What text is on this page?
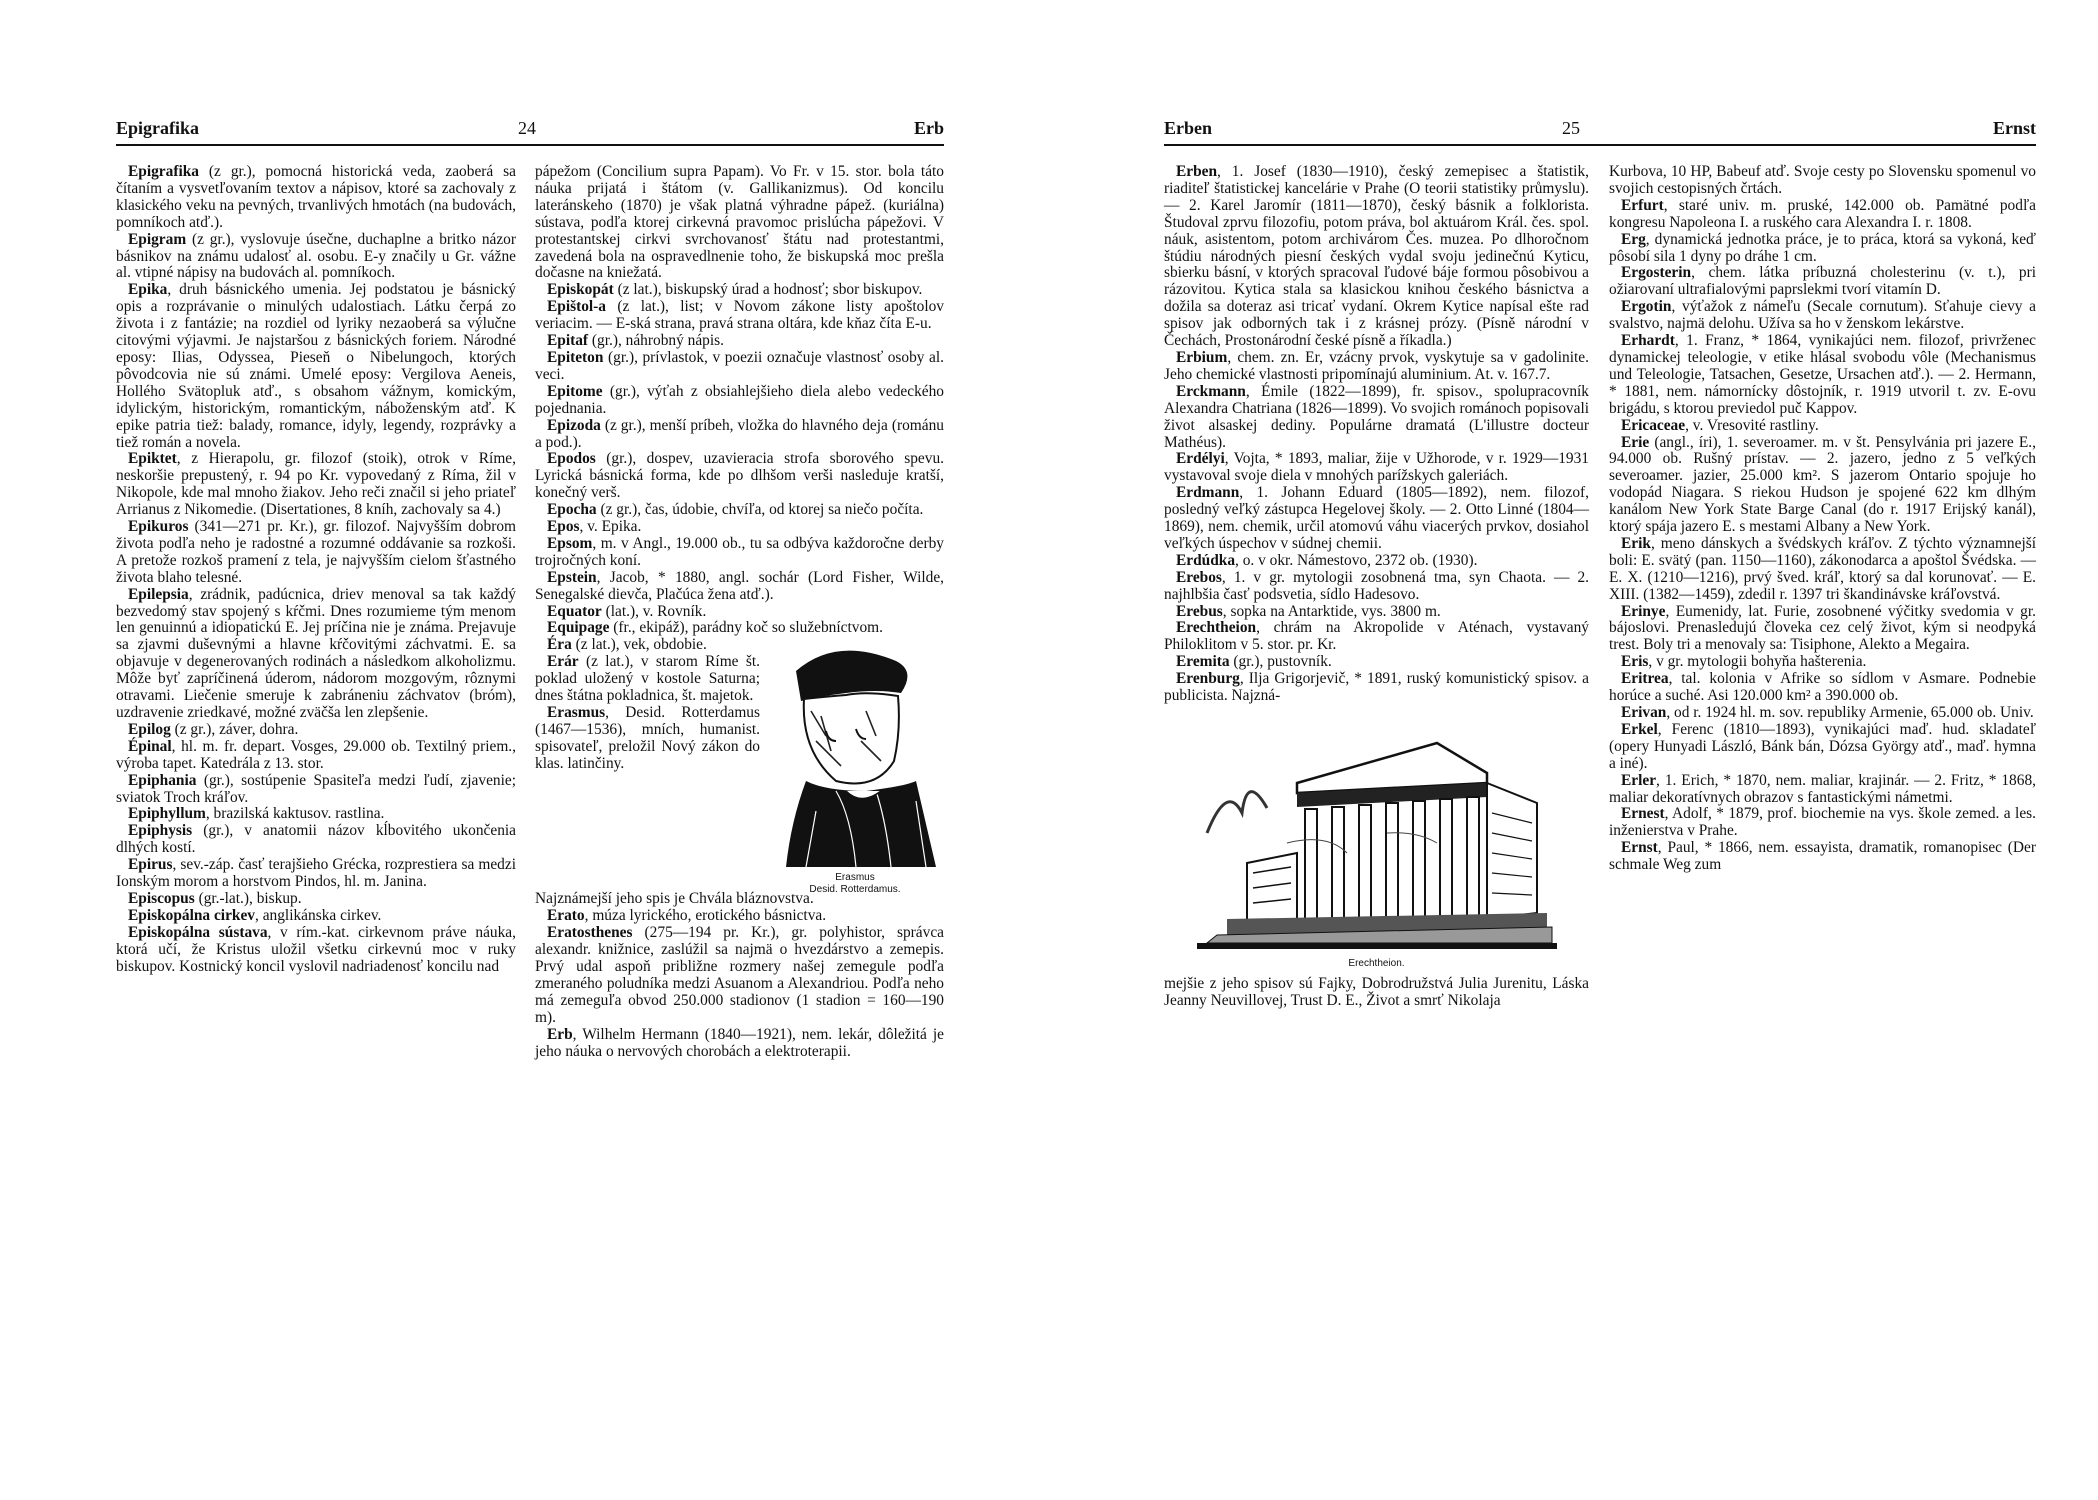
Epigrafika	24	Erb

Epigrafika (z gr.), pomocná historická veda, zaoberá sa čítaním a vysvetľovaním textov a nápisov, ktoré sa zachovaly z klasického veku na pevných, trvanlivých hmotách (na budovách, pomníkoch atď.).

Epigram (z gr.), vyslovuje úsečne, duchaplne a britko názor básnikov na známu udalosť al. osobu. E-y značily u Gr. vážne al. vtipné nápisy na budovách al. pomníkoch.

Epika, druh básnického umenia. Jej podstatou je básnický opis a rozprávanie o minulých udalostiach. Látku čerpá zo života i z fantázie; na rozdiel od lyriky nezaoberá sa výlučne citovými výjavmi. Je najstaršou z básnických foriem. Národné eposy: Ilias, Odyssea, Pieseň o Nibelungoch, ktorých pôvodcovia nie sú známi. Umelé eposy: Vergilova Aeneis, Hollého Svätopluk atď., s obsahom vážnym, komickým, idylickým, historickým, romantickým, náboženským atď. K epike patria tiež: balady, romance, idyly, legendy, rozprávky a tiež román a novela.

Epiktet, z Hierapolu, gr. filozof (stoik), otrok v Ríme, neskoršie prepustený, r. 94 po Kr. vypovedaný z Ríma, žil v Nikopole, kde mal mnoho žiakov. Jeho reči značil si jeho priateľ Arrianus z Nikomedie. (Disertationes, 8 kníh, zachovaly sa 4.)

Epikuros (341—271 pr. Kr.), gr. filozof. Najvyšším dobrom života podľa neho je radostné a rozumné oddávanie sa rozkoši. A pretože rozkoš pramení z tela, je najvyšším cielom šťastného života blaho telesné.

Epilepsia, zrádnik, padúcnica, driev menoval sa tak každý bezvedomý stav spojený s kŕčmi. Dnes rozumieme tým menom len genuinnú a idiopatickú E. Jej príčina nie je známa. Prejavuje sa zjavmi duševnými a hlavne kŕčovitými záchvatmi. E. sa objavuje v degenerovaných rodinách a následkom alkoholizmu. Môže byť zapríčinená úderom, nádorom mozgovým, rôznymi otravami. Liečenie smeruje k zabráneniu záchvatov (bróm), uzdravenie zriedkavé, možné zväčša len zlepšenie.

Epilog (z gr.), záver, dohra.

Épinal, hl. m. fr. depart. Vosges, 29.000 ob. Textilný priem., výroba tapet. Katedrála z 13. stor.

Epiphania (gr.), sostúpenie Spasiteľa medzi ľudí, zjavenie; sviatok Troch kráľov.

Epiphyllum, brazilská kaktusov. rastlina.

Epiphysis (gr.), v anatomii názov kĺbovitého ukončenia dlhých kostí.

Epirus, sev.-záp. časť terajšieho Grécka, rozprestiera sa medzi Ionským morom a horstvom Pindos, hl. m. Janina.

Episcopus (gr.-lat.), biskup.

Episkopálna cirkev, anglikánska cirkev.

Episkopálna sústava, v rím.-kat. cirkevnom práve náuka, ktorá učí, že Kristus uložil všetku cirkevnú moc v ruky biskupov. Kostnický koncil vyslovil nadriadenosť koncilu nad

pápežom (Concilium supra Papam). Vo Fr. v 15. stor. bola táto náuka prijatá i štátom (v. Gallikanizmus). Od koncilu lateránskeho (1870) je však platná výhradne pápež. (kuriálna) sústava, podľa ktorej cirkevná pravomoc prislúcha pápežovi. V protestantskej cirkvi svrchovanosť štátu nad protestantmi, zavedená bola na ospravedlnenie toho, že biskupská moc prešla dočasne na kniežatá.

Episkopát (z lat.), biskupský úrad a hodnosť; sbor biskupov.

Epištol-a (z lat.), list; v Novom zákone listy apoštolov veriacim. — E-ská strana, pravá strana oltára, kde kňaz číta E-u.

Epitaf (gr.), náhrobný nápis.

Epiteton (gr.), prívlastok, v poezii označuje vlastnosť osoby al. veci.

Epitome (gr.), výťah z obsiahlejšieho diela alebo vedeckého pojednania.

Epizoda (z gr.), menší príbeh, vložka do hlavného deja (románu a pod.).

Epodos (gr.), dospev, uzavieracia strofa sborového spevu. Lyrická básnická forma, kde po dlhšom verši nasleduje kratší, konečný verš.

Epocha (z gr.), čas, údobie, chvíľa, od ktorej sa niečo počíta.

Epos, v. Epika.

Epsom, m. v Angl., 19.000 ob., tu sa odbýva každoročne derby trojročných koní.

Epstein, Jacob, * 1880, angl. sochár (Lord Fisher, Wilde, Senegalské dievča, Plačúca žena atď.).

Equator (lat.), v. Rovník.

Equipage (fr., ekipáž), parádny koč so služebníctvom.

Erasmus
Desid. Rotterdamus.

Éra (z lat.), vek, obdobie.

Erár (z lat.), v starom Ríme št. poklad uložený v kostole Saturna; dnes štátna pokladnica, št. majetok.

Erasmus, Desid. Rotterdamus (1467—1536), mních, humanist. spisovateľ, preložil Nový zákon do klas. latinčiny.

Najznámejší jeho spis je Chvála bláznovstva.

Erato, múza lyrického, erotického básnictva.

Eratosthenes (275—194 pr. Kr.), gr. polyhistor, správca alexandr. knižnice, zaslúžil sa najmä o hvezdárstvo a zemepis. Prvý udal aspoň približne rozmery našej zemegule podľa zmeraného poludníka medzi Asuanom a Alexandriou. Podľa neho má zemeguľa obvod 250.000 stadionov (1 stadion = 160—190 m).

Erb, Wilhelm Hermann (1840—1921), nem. lekár, dôležitá je jeho náuka o nervových chorobách a elektroterapii.

Erben	25	Ernst

Erben, 1. Josef (1830—1910), český zemepisec a štatistik, riaditeľ štatistickej kancelárie v Prahe (O teorii statistiky průmyslu). — 2. Karel Jaromír (1811—1870), český básnik a folklorista. Študoval zprvu filozofiu, potom práva, bol aktuárom Král. čes. spol. náuk, asistentom, potom archivárom Čes. muzea. Po dlhoročnom štúdiu národných piesní českých vydal svoju jedinečnú Kyticu, sbierku básní, v ktorých spracoval ľudové báje formou pôsobivou a rázovitou. Kytica stala sa klasickou knihou českého básnictva a dožila sa doteraz asi tricať vydaní. Okrem Kytice napísal ešte rad spisov jak odborných tak i z krásnej prózy. (Písně národní v Čechách, Prostonárodní české písně a říkadla.)

Erbium, chem. zn. Er, vzácny prvok, vyskytuje sa v gadolinite. Jeho chemické vlastnosti pripomínajú aluminium. At. v. 167.7.

Erckmann, Émile (1822—1899), fr. spisov., spolupracovník Alexandra Chatriana (1826—1899). Vo svojich románoch popisovali život alsaskej dediny. Populárne dramatá (L'illustre docteur Mathéus).

Erdélyi, Vojta, * 1893, maliar, žije v Užhorode, v r. 1929—1931 vystavoval svoje diela v mnohých parížskych galeriách.

Erdmann, 1. Johann Eduard (1805—1892), nem. filozof, posledný veľký zástupca Hegelovej školy. — 2. Otto Linné (1804—1869), nem. chemik, určil atomovú váhu viacerých prvkov, dosiahol veľkých úspechov v súdnej chemii.

Erdúdka, o. v okr. Námestovo, 2372 ob. (1930).

Erebos, 1. v gr. mytologii zosobnená tma, syn Chaota. — 2. najhlbšia časť podsvetia, sídlo Hadesovo.

Erebus, sopka na Antarktide, vys. 3800 m.

Erechtheion, chrám na Akropolide v Aténach, vystavaný Philoklitom v 5. stor. pr. Kr.

Eremita (gr.), pustovník.

Erenburg, Ilja Grigorjevič, * 1891, ruský komunistický spisov. a publicista. Najzná-

Erechtheion.

mejšie z jeho spisov sú Fajky, Dobrodružstvá Julia Jurenitu, Láska Jeanny Neuvillovej, Trust D. E., Život a smrť Nikolaja

Kurbova, 10 HP, Babeuf atď. Svoje cesty po Slovensku spomenul vo svojich cestopisných črtách.

Erfurt, staré univ. m. pruské, 142.000 ob. Pamätné podľa kongresu Napoleona I. a ruského cara Alexandra I. r. 1808.

Erg, dynamická jednotka práce, je to práca, ktorá sa vykoná, keď pôsobí sila 1 dyny po dráhe 1 cm.

Ergosterin, chem. látka príbuzná cholesterinu (v. t.), pri ožiarovaní ultrafialovými paprslekmi tvorí vitamín D.

Ergotin, výťažok z námeľu (Secale cornutum). Sťahuje cievy a svalstvo, najmä delohu. Užíva sa ho v ženskom lekárstve.

Erhardt, 1. Franz, * 1864, vynikajúci nem. filozof, privrženec dynamickej teleologie, v etike hlásal svobodu vôle (Mechanismus und Teleologie, Tatsachen, Gesetze, Ursachen atď.). — 2. Hermann, * 1881, nem. námornícky dôstojník, r. 1919 utvoril t. zv. E-ovu brigádu, s ktorou previedol puč Kappov.

Ericaceae, v. Vresovité rastliny.

Erie (angl., íri), 1. severoamer. m. v št. Pensylvánia pri jazere E., 94.000 ob. Rušný prístav. — 2. jazero, jedno z 5 veľkých severoamer. jazier, 25.000 km². S jazerom Ontario spojuje ho vodopád Niagara. S riekou Hudson je spojené 622 km dlhým kanálom New York State Barge Canal (do r. 1917 Erijský kanál), ktorý spája jazero E. s mestami Albany a New York.

Erik, meno dánskych a švédskych kráľov. Z týchto významnejší boli: E. svätý (pan. 1150—1160), zákonodarca a apoštol Švédska. — E. X. (1210—1216), prvý šved. kráľ, ktorý sa dal korunovať. — E. XIII. (1382—1459), zdedil r. 1397 tri škandinávske kráľovstvá.

Erinye, Eumenidy, lat. Furie, zosobnené výčitky svedomia v gr. bájoslovi. Prenasledujú človeka cez celý život, kým si neodpyká trest. Boly tri a menovaly sa: Tisiphone, Alekto a Megaira.

Eris, v gr. mytologii bohyňa hašterenia.

Eritrea, tal. kolonia v Afrike so sídlom v Asmare. Podnebie horúce a suché. Asi 120.000 km² a 390.000 ob.

Erivan, od r. 1924 hl. m. sov. republiky Armenie, 65.000 ob. Univ.

Erkel, Ferenc (1810—1893), vynikajúci maď. hud. skladateľ (opery Hunyadi László, Bánk bán, Dózsa György atď., maď. hymna a iné).

Erler, 1. Erich, * 1870, nem. maliar, krajinár. — 2. Fritz, * 1868, maliar dekoratívnych obrazov s fantastickými námetmi.

Ernest, Adolf, * 1879, prof. biochemie na vys. škole zemed. a les. inženierstva v Prahe.

Ernst, Paul, * 1866, nem. essayista, dramatik, romanopisec (Der schmale Weg zum
